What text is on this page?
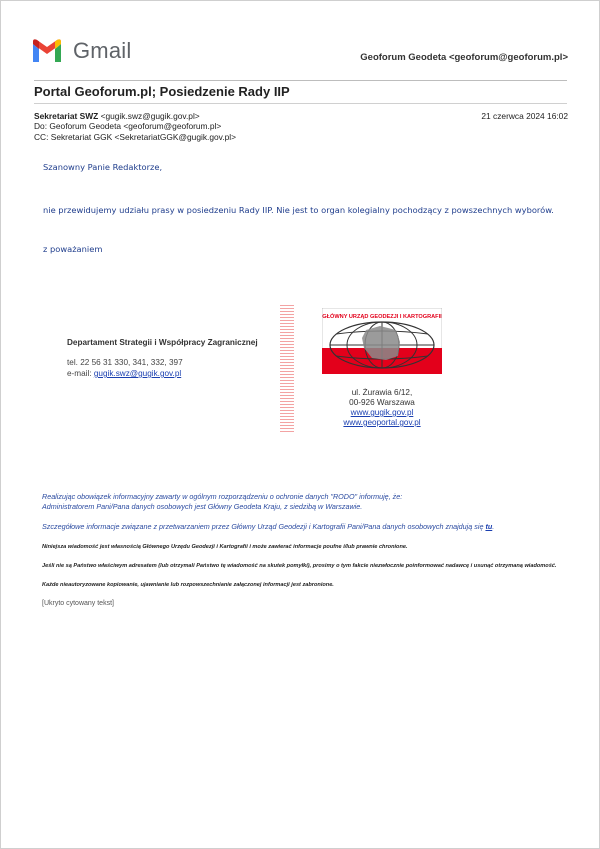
Gmail	Geoforum Geodeta <geoforum@geoforum.pl>
Portal Geoforum.pl; Posiedzenie Rady IIP
Sekretariat SWZ <gugik.swz@gugik.gov.pl>
Do: Geoforum Geodeta <geoforum@geoforum.pl>
CC: Sekretariat GGK <SekretariatGGK@gugik.gov.pl>
21 czerwca 2024 16:02
Szanowny Panie Redaktorze,
nie przewidujemy udziału prasy w posiedzeniu Rady IIP. Nie jest to organ kolegialny pochodzący z powszechnych wyborów.
z poważaniem
Departament Strategii i Współpracy Zagranicznej
tel. 22 56 31 330, 341, 332, 397
e-mail: gugik.swz@gugik.gov.pl
GŁÓWNY URZĄD GEODEZJI I KARTOGRAFII
ul. Żurawia 6/12,
00-926 Warszawa
www.gugik.gov.pl
www.geoportal.gov.pl
Realizując obowiązek informacyjny zawarty w ogólnym rozporządzeniu o ochronie danych "RODO" informuję, że:
Administratorem Pani/Pana danych osobowych jest Główny Geodeta Kraju, z siedzibą w Warszawie.
Szczegółowe informacje związane z przetwarzaniem przez Główny Urząd Geodezji i Kartografii Pani/Pana danych osobowych znajdują się tu.
Niniejsza wiadomość jest własnością Głównego Urzędu Geodezji i Kartografii i może zawierać informacje poufne i/lub prawnie chronione.
Jeśli nie są Państwo właściwym adresatem (lub otrzymali Państwo tę wiadomość na skutek pomyłki), prosimy o tym fakcie niezwłocznie poinformować nadawcę i usunąć otrzymaną wiadomość.
Każde nieautoryzowane kopiowanie, ujawnianie lub rozpowszechnianie załączonej informacji jest zabronione.
[Ukryto cytowany tekst]
